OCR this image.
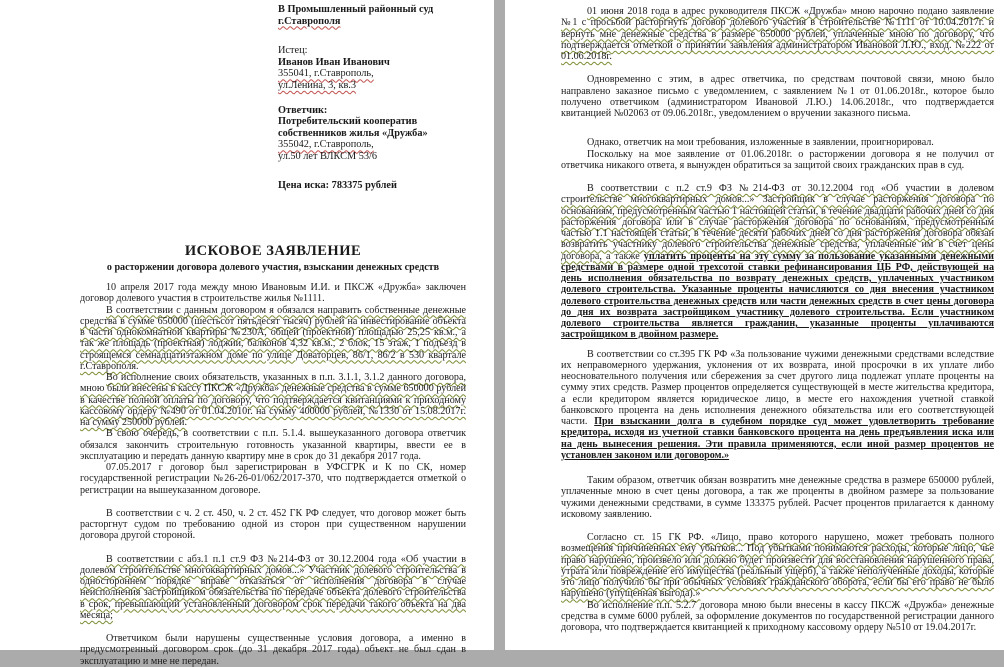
В Промышленный районный суд
г.Ставрополя
Истец:
Иванов Иван Иванович
355041, г.Ставрополь,
ул.Ленина, 3, кв.3
Ответчик:
Потребительский кооператив
собственников жилья «Дружба»
355042, г.Ставрополь,
ул.50 лет ВЛКСМ 53/6
Цена иска: 783375 рублей
ИСКОВОЕ ЗАЯВЛЕНИЕ
о расторжении договора долевого участия, взыскании денежных средств

10 апреля 2017 года между мною Ивановым И.И. и ПКСЖ «Дружба» заключен договор долевого участия в строительстве жилья №1111.

В соответствии с данным договором я обязался направить собственные денежные средства в сумме 650000 (шестьсот пятьдесят тысяч) рублей на инвестирование объекта в части однокомнатной квартиры №230А, общей (проектной) площадью 25,25 кв.м., а так же площадь (проектная) лоджии, балконов 4,32 кв.м., 2 блок, 15 этаж, 1 подъезд в строящемся семнадцатиэтажном доме по улице Доваторцев, 86/1, 86/2 в 530 квартале г.Ставрополя.

Во исполнение своих обязательств, указанных в п.п. 3.1.1, 3.1.2 данного договора, мною были внесены в кассу ПКСЖ «Дружба» денежные средства в сумме 650000 рублей в качестве полной оплаты по договору, что подтверждается квитанциями к приходному кассовому ордеру №490 от 01.04.2010г. на сумму 400000 рублей, №1330 от 15.08.2017г. на сумму 250000 рублей.

В свою очередь, в соответствии с п.п. 5.1.4. вышеуказанного договора ответчик обязался закончить строительную готовность указанной квартиры, ввести ее в эксплуатацию и передать данную квартиру мне в срок до 31 декабря 2017 года.

07.05.2017 г договор был зарегистрирован в УФСГРК и К по СК, номер государственной регистрации №26-26-01/062/2017-370, что подтверждается отметкой о регистрации на вышеуказанном договоре.

В соответствии с ч. 2 ст. 450, ч. 2 ст. 452 ГК РФ следует, что договор может быть расторгнут судом по требованию одной из сторон при существенном нарушении договора другой стороной.

В соответствии с абз.1 п.1 ст.9 ФЗ №214-ФЗ от 30.12.2004 года «Об участии в долевом строительстве многоквартирных домов...» Участник долевого строительства в одностороннем порядке вправе отказаться от исполнения договора в случае неисполнения застройщиком обязательства по передаче объекта долевого строительства в срок, превышающий установленный договором срок передачи такого объекта на два месяца;

Ответчиком были нарушены существенные условия договора, а именно в предусмотренный договором срок (до 31 декабря 2017 года) объект не был сдан в эксплуатацию и мне не передан.

01 июня 2018 года в адрес руководителя ПКСЖ «Дружба» мною нарочно подано заявление №1 с просьбой расторгнуть договор долевого участия в строительстве №1111 от 10.04.2017г. и вернуть мне денежные средства в размере 650000 рублей, уплаченные мною по договору, что подтверждается отметкой о принятии заявления администратором Ивановой Л.Ю., вход. №222 от 01.06.2018г.

Одновременно с этим, в адрес ответчика, по средствам почтовой связи, мною было направлено заказное письмо с уведомлением, с заявлением №1 от 01.06.2018г., которое было получено ответчиком (администратором Ивановой Л.Ю.) 14.06.2018г., что подтверждается квитанцией №02063 от 09.06.2018г., уведомлением о вручении заказного письма.

Однако, ответчик на мои требования, изложенные в заявлении, проигнорировал.

Поскольку на мое заявление от 01.06.2018г. о расторжении договора я не получил от ответчика никакого ответа, я вынужден обратиться за защитой своих гражданских прав в суд.

В соответствии с п.2 ст.9 ФЗ №214-ФЗ от 30.12.2004 год «Об участии в долевом строительстве многоквартирных домов...» Застройщик в случае расторжения договора по основаниям, предусмотренным частью 1 настоящей статьи, в течение двадцати рабочих дней со дня расторжения договора или в случае расторжения договора по основаниям, предусмотренным частью 1.1 настоящей статьи, в течение десяти рабочих дней со дня расторжения договора обязан возвратить участнику долевого строительства денежные средства, уплаченные им в счет цены договора, а также уплатить проценты на эту сумму за пользование указанными денежными средствами в размере одной трехсотой ставки рефинансирования ЦБ РФ, действующей на день исполнения обязательства по возврату денежных средств, уплаченных участником долевого строительства. Указанные проценты начисляются со дня внесения участником долевого строительства денежных средств или части денежных средств в счет цены договора до дня их возврата застройщиком участнику долевого строительства. Если участником долевого строительства является гражданин, указанные проценты уплачиваются застройщиком в двойном размере.

В соответствии со ст.395 ГК РФ «За пользование чужими денежными средствами вследствие их неправомерного удержания, уклонения от их возврата, иной просрочки в их уплате либо неосновательного получения или сбережения за счет другого лица подлежат уплате проценты на сумму этих средств. Размер процентов определяется существующей в месте жительства кредитора, а если кредитором является юридическое лицо, в месте его нахождения учетной ставкой банковского процента на день исполнения денежного обязательства или его соответствующей части. При взыскании долга в судебном порядке суд может удовлетворить требование кредитора, исходя из учетной ставки банковского процента на день предъявления иска или на день вынесения решения. Эти правила применяются, если иной размер процентов не установлен законом или договором.»

Таким образом, ответчик обязан возвратить мне денежные средства в размере 650000 рублей, уплаченные мною в счет цены договора, а так же проценты в двойном размере за пользование чужими денежными средствами, в сумме 133375 рублей. Расчет процентов прилагается к данному исковому заявлению.

Согласно ст. 15 ГК РФ. «Лицо, право которого нарушено, может требовать полного возмещения причиненных ему убытков... Под убытками понимаются расходы, которые лицо, чье право нарушено, произвело или должно будет произвести для восстановления нарушенного права, утрата или повреждение его имущества (реальный ущерб), а также неполученные доходы, которые это лицо получило бы при обычных условиях гражданского оборота, если бы его право не было нарушено (упущенная выгода).»

Во исполнение п.п. 5.2.7 договора мною были внесены в кассу ПКСЖ «Дружба» денежные средства в сумме 6000 рублей, за оформление документов по государственной регистрации данного договора, что подтверждается квитанцией к приходному кассовому ордеру №510 от 19.04.2017г.
